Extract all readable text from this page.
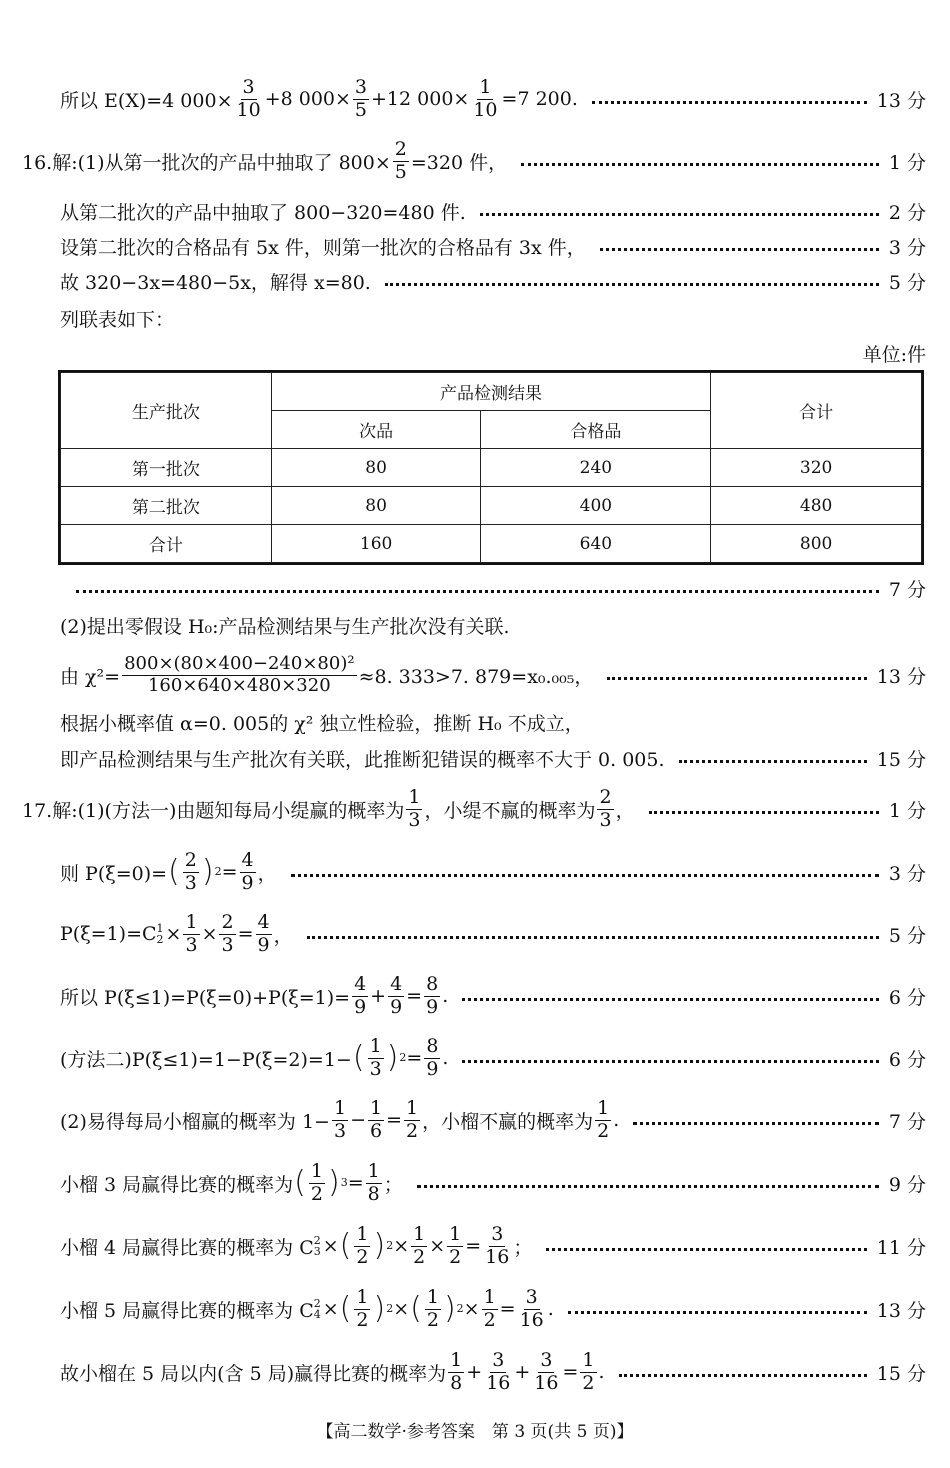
所以 E(X)=4 $000\times \frac{3}{10} +8$ $000\times \frac{3}{5} +12$ $000\times \frac{1}{10} =7$ 200.	13 分
16.解:(1)从第一批次的产品中抽取了 $800\times \frac{2}{5} =320$ 件，	1 分
从第二批次的产品中抽取了 800−320=480 件.	2 分
设第二批次的合格品有 5x 件，则第一批次的合格品有 3x 件，	3 分
故 320−3x=480−5x，解得 x=80.	5 分
列联表如下：
单位:件
生产批次	产品检测结果		合计
	次品	合格品	
第一批次	80	240	320
第二批次	80	400	480
合计	160	640	800
7 分
(2)提出零假设 H₀:产品检测结果与生产批次没有关联.
由 $\chi^2= \frac{\text{800×(80×400−240×80)²}}{160\times 640\times 480\times 320} \approx 8$. 333>7. 879=x₀.₀₀₅，	13 分
根据小概率值 α=0. 005的 χ² 独立性检验，推断 H₀ 不成立，
即产品检测结果与生产批次有关联，此推断犯错误的概率不大于 0. 005.	15 分
17.解:(1)(方法一)由题知每局小缇赢的概率为 $\frac{1}{3}$ ，小缇不赢的概率为 $\frac{2}{3}$ ，	1 分
则 P(ξ=0)= ( $\frac{2}{3}$ ) $2 = \frac{4}{9}$ ，	3 分
P(ξ=1)=C 1
$2 \times \frac{1}{3} \times \frac{2}{3} = \frac{4}{9}$ ，	5 分
所以 $P(\xi\le 1)=P(\xi=0)+P(\xi=1)= \frac{4}{9} + \frac{4}{9} = \frac{8}{9}$ .	6 分
(方法二)P(ξ≤1)=1−P(ξ=2)=1− ( $\frac{1}{3}$ ) $2 = \frac{8}{9}$ .	6 分
(2)易得每局小榴赢的概率为 $1- \frac{1}{3} - \frac{1}{6} = \frac{1}{2}$ ，小榴不赢的概率为 $\frac{1}{2}$ .	7 分
小榴 3 局赢得比赛的概率为 ( $\frac{1}{2}$ ) $3 = \frac{1}{8}$ ；	9 分
小榴 4 局赢得比赛的概率为 C 2
3 × ( $\frac{1}{2}$ ) $2 \times \frac{1}{2} \times \frac{1}{2} = \frac{3}{16}$ ；	11 分
小榴 5 局赢得比赛的概率为 C 2
4 × ( $\frac{1}{2}$ ) 2 × ( $\frac{1}{2}$ ) $2 \times \frac{1}{2} = \frac{3}{16}$ .	13 分
故小榴在 5 局以内(含 5 局)赢得比赛的概率为 $\frac{1}{8} + \frac{3}{16} + \frac{3}{16} = \frac{1}{2}$ .	15 分
【高二数学·参考答案　第 3 页(共 5 页)】
